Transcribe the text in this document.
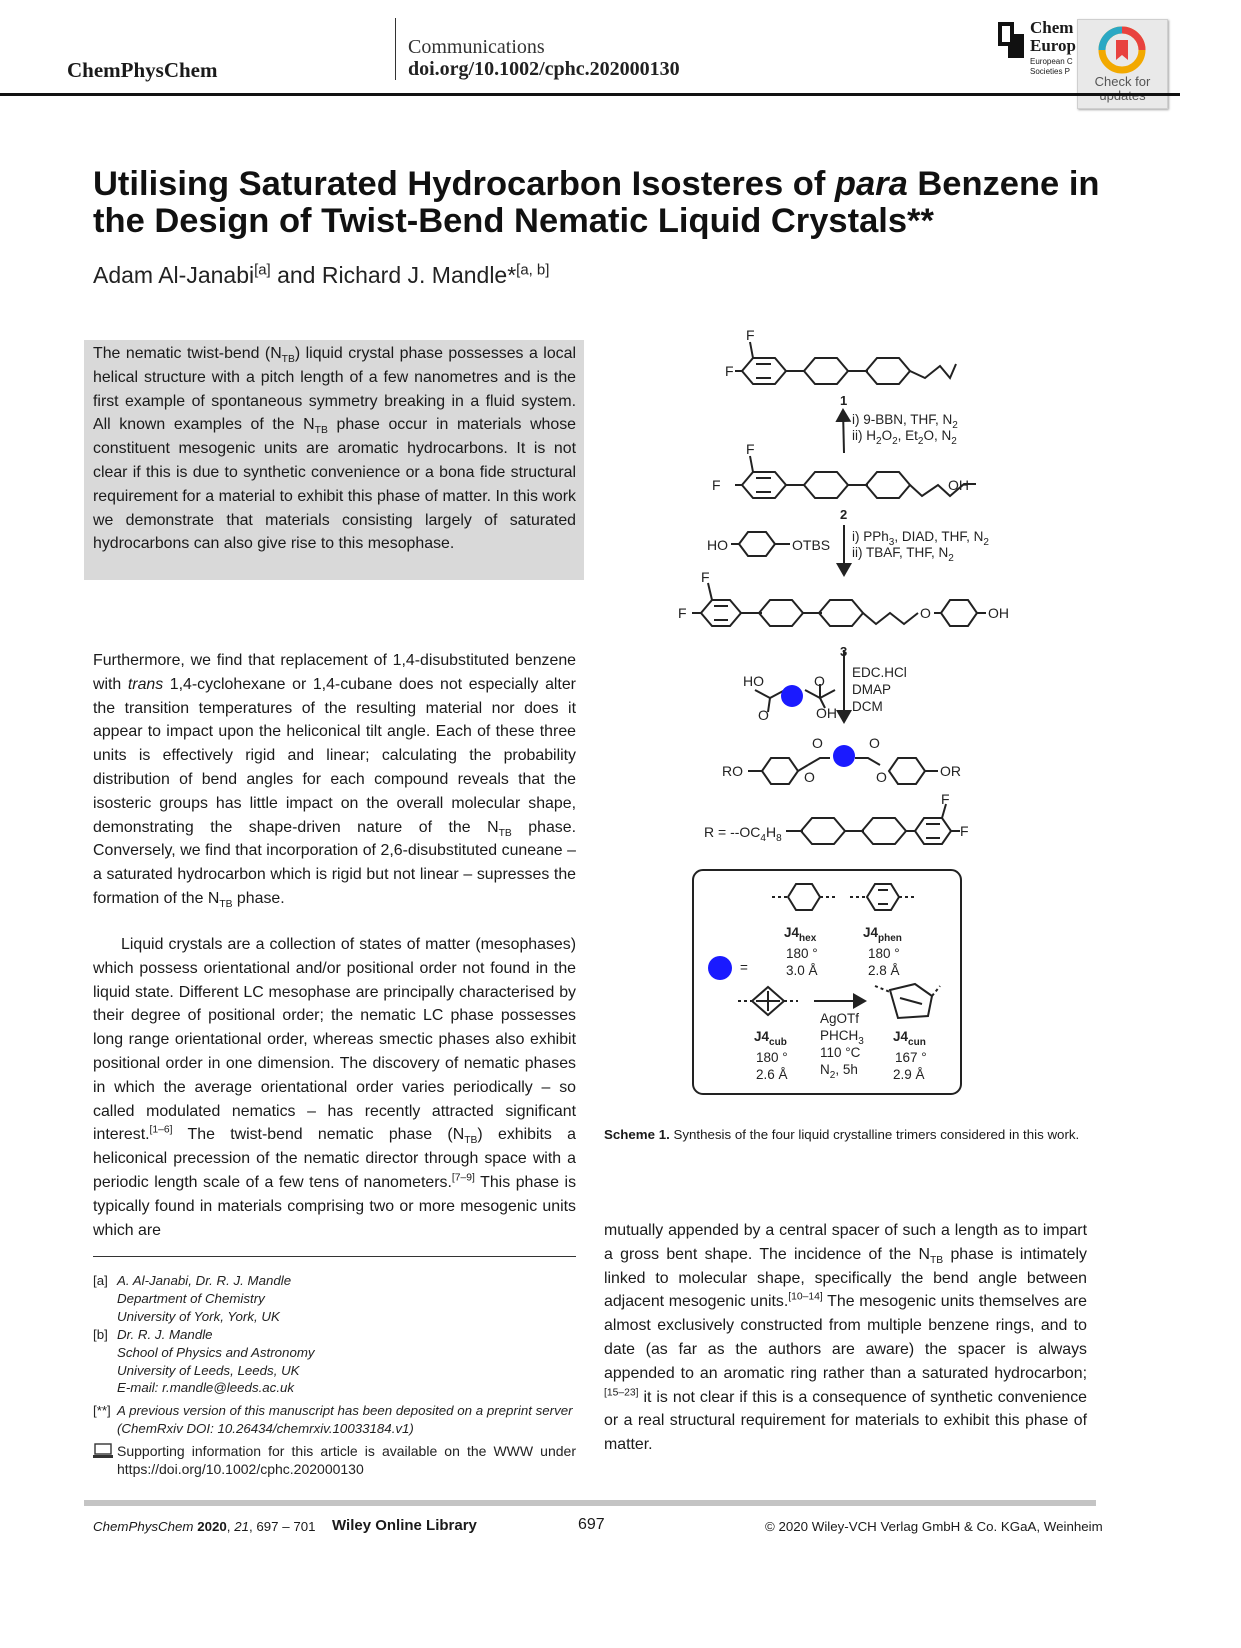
ChemPhysChem
Communications
doi.org/10.1002/cphc.202000130
Chem
Europ
European C
Societies P
Check for

Utilising Saturated Hydrocarbon Isosteres of para Benzene in the Design of Twist-Bend Nematic Liquid Crystals**
Adam Al-Janabi[a] and Richard J. Mandle*[a, b]
The nematic twist-bend $(N_{TB})$ liquid crystal phase possesses a local helical structure with a pitch length of a few nanometres and is the first example of spontaneous symmetry breaking in a fluid system. All known examples of the $N_{TB}$ phase occur in materials whose constituent mesogenic units are aromatic hydrocarbons. It is not clear if this is due to synthetic convenience or a bona fide structural requirement for a material to exhibit this phase of matter. In this work we demonstrate that materials consisting largely of saturated hydrocarbons can also give rise to this mesophase.
Furthermore, we find that replacement of 1,4-disubstituted benzene with trans 1,4-cyclohexane or 1,4-cubane does not especially alter the transition temperatures of the resulting material nor does it appear to impact upon the heliconical tilt angle. Each of these three units is effectively rigid and linear; calculating the probability distribution of bend angles for each compound reveals that the isosteric groups has little impact on the overall molecular shape, demonstrating the shape-driven nature of the $N_{TB}$ phase. Conversely, we find that incorporation of 2,6-disubstituted cuneane – a saturated hydrocarbon which is rigid but not linear – supresses the formation of the $N_{TB}$ phase.
Liquid crystals are a collection of states of matter (mesophases) which possess orientational and/or positional order not found in the liquid state. Different LC mesophase are principally characterised by their degree of positional order; the nematic LC phase possesses long range orientational order, whereas smectic phases also exhibit positional order in one dimension. The discovery of nematic phases in which the average orientational order varies periodically – so called modulated nematics – has recently attracted significant interest.[1–6] The twist-bend nematic phase $(N_{TB})$ exhibits a heliconical precession of the nematic director through space with a periodic length scale of a few tens of nanometers.[7–9] This phase is typically found in materials comprising two or more mesogenic units which are
[a] A. Al-Janabi, Dr. R. J. Mandle
Department of Chemistry
University of York, York, UK
[b] Dr. R. J. Mandle
School of Physics and Astronomy
University of Leeds, Leeds, UK
E-mail: r.mandle@leeds.ac.uk
[**] A previous version of this manuscript has been deposited on a preprint server (ChemRxiv DOI: 10.26434/chemrxiv.10033184.v1)
Supporting information for this article is available on the WWW under https://doi.org/10.1002/cphc.202000130
F
F
1
i) 9-BBN, THF, $N_2$
ii) $H_2O_2$, $Et_2O$, $N_2$
F
F	OH
2
HO	OTBS
i) PPh$_3$, DIAD, THF, $N_2$
ii) TBAF, THF, $N_2$
F
F	O	OH
3
EDC.HCl
DMAP
DCM
HO
O
O
OH
RO	O
O	O
O	OR
F
F
$R = --OC_4H_8$
$J4_{hex}$
180 °
3.0 Å
$J4_{phen}$
180 °
2.8 Å
=
$J4_{cub}$
180 °
2.6 Å
AgOTf
$PHCH_3$
110 °C
$N_2$, 5h
$J4_{cun}$
167 °
2.9 Å
Scheme 1. Synthesis of the four liquid crystalline trimers considered in this work.
mutually appended by a central spacer of such a length as to impart a gross bent shape. The incidence of the $N_{TB}$ phase is intimately linked to molecular shape, specifically the bend angle between adjacent mesogenic units.[10–14] The mesogenic units themselves are almost exclusively constructed from multiple benzene rings, and to date (as far as the authors are aware) the spacer is always appended to an aromatic ring rather than a saturated hydrocarbon;[15–23] it is not clear if this is a consequence of synthetic convenience or a real structural requirement for materials to exhibit this phase of matter.
ChemPhysChem 2020, 21, 697 – 701 Wiley Online Library	697	© 2020 Wiley-VCH Verlag GmbH & Co. KGaA, Weinheim
